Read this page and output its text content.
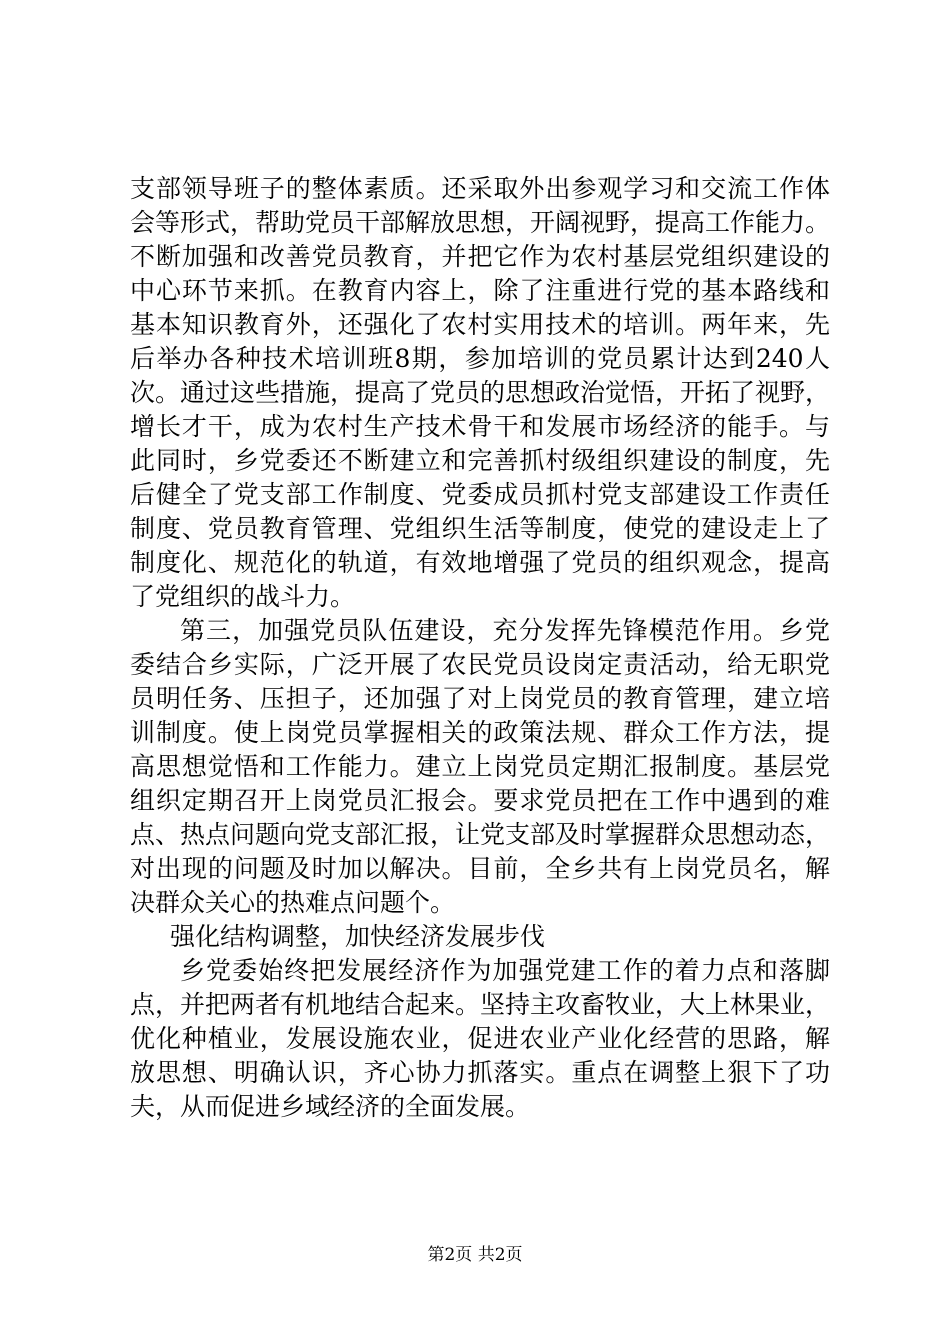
支部领导班子的整体素质。还采取外出参观学习和交流工作体
会等形式，帮助党员干部解放思想，开阔视野，提高工作能力。
不断加强和改善党员教育，并把它作为农村基层党组织建设的
中心环节来抓。在教育内容上，除了注重进行党的基本路线和
基本知识教育外，还强化了农村实用技术的培训。两年来，先
后举办各种技术培训班8期，参加培训的党员累计达到240人
次。通过这些措施，提高了党员的思想政治觉悟，开拓了视野，
增长才干，成为农村生产技术骨干和发展市场经济的能手。与
此同时，乡党委还不断建立和完善抓村级组织建设的制度，先
后健全了党支部工作制度、党委成员抓村党支部建设工作责任
制度、党员教育管理、党组织生活等制度，使党的建设走上了
制度化、规范化的轨道，有效地增强了党员的组织观念，提高
了党组织的战斗力。
第三，加强党员队伍建设，充分发挥先锋模范作用。乡党
委结合乡实际，广泛开展了农民党员设岗定责活动，给无职党
员明任务、压担子，还加强了对上岗党员的教育管理，建立培
训制度。使上岗党员掌握相关的政策法规、群众工作方法，提
高思想觉悟和工作能力。建立上岗党员定期汇报制度。基层党
组织定期召开上岗党员汇报会。要求党员把在工作中遇到的难
点、热点问题向党支部汇报，让党支部及时掌握群众思想动态，
对出现的问题及时加以解决。目前，全乡共有上岗党员名，解
决群众关心的热难点问题个。
强化结构调整，加快经济发展步伐
乡党委始终把发展经济作为加强党建工作的着力点和落脚
点，并把两者有机地结合起来。坚持主攻畜牧业，大上林果业，
优化种植业，发展设施农业，促进农业产业化经营的思路，解
放思想、明确认识，齐心协力抓落实。重点在调整上狠下了功
夫，从而促进乡域经济的全面发展。
第2页 共2页
